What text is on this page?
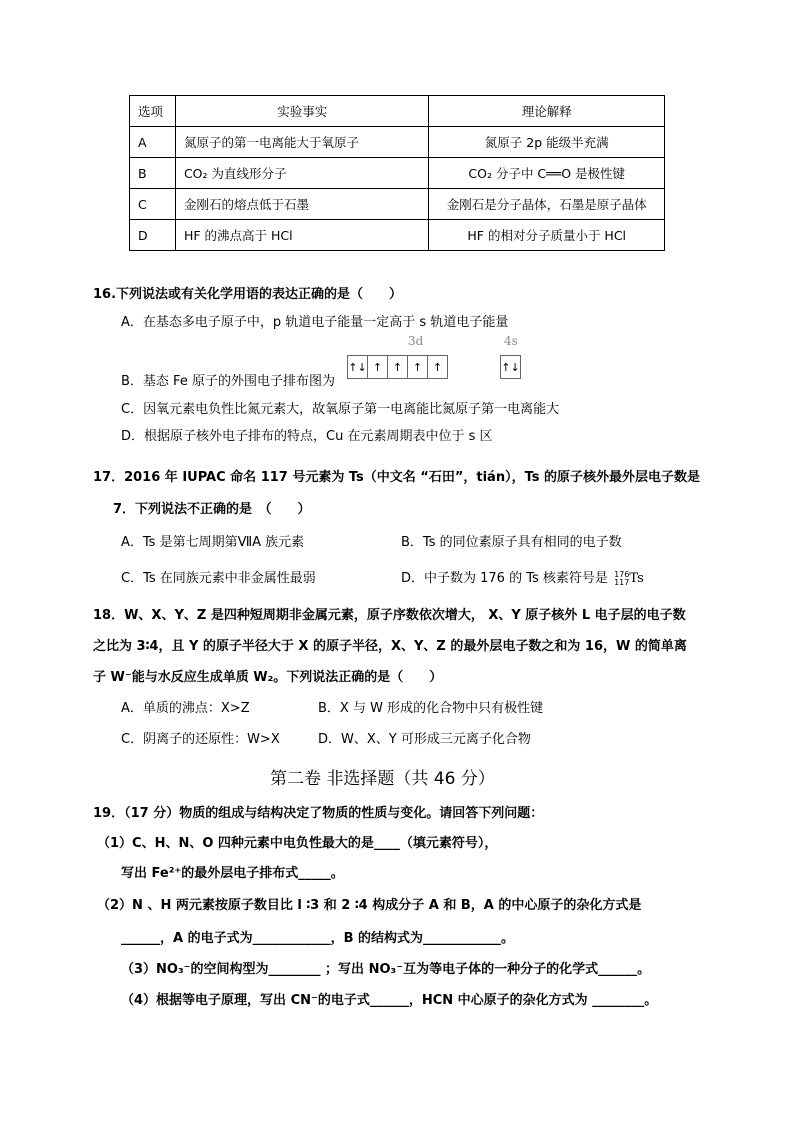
选项	实验事实	理论解释
A	氮原子的第一电离能大于氧原子	氮原子 2p 能级半充满
B	CO₂ 为直线形分子	CO₂ 分子中 C══O 是极性键
C	金刚石的熔点低于石墨	金刚石是分子晶体，石墨是原子晶体
D	HF 的沸点高于 HCl	HF 的相对分子质量小于 HCl
16.下列说法或有关化学用语的表达正确的是（　　）
A．在基态多电子原子中，p 轨道电子能量一定高于 s 轨道电子能量
3d	4s
B．基态 Fe 原子的外围电子排布图为
↑↓ ↑ ↑ ↑ ↑	↑↓
C．因氧元素电负性比氮元素大，故氧原子第一电离能比氮原子第一电离能大
D．根据原子核外电子排布的特点，Cu 在元素周期表中位于 s 区
17．2016 年 IUPAC 命名 117 号元素为 Ts（中文名 “石田”，tián），Ts 的原子核外最外层电子数是
7．下列说法不正确的是　（　　）
A．Ts 是第七周期第ⅦA 族元素	B．Ts 的同位素原子具有相同的电子数
C．Ts 在同族元素中非金属性最弱	D．中子数为 176 的 Ts 核素符号是 176
117Ts
18．W、X、Y、Z 是四种短周期非金属元素，原子序数依次增大， X、Y 原子核外 L 电子层的电子数
之比为 3∶4，且 Y 的原子半径大于 X 的原子半径，X、Y、Z 的最外层电子数之和为 16，W 的简单离
子 W⁻能与水反应生成单质 W₂。下列说法正确的是（　　）
A．单质的沸点：X>Z	B．X 与 W 形成的化合物中只有极性键
C．阴离子的还原性：W>X	D．W、X、Y 可形成三元离子化合物
第二卷 非选择题（共 46 分）
19．（17 分）物质的组成与结构决定了物质的性质与变化。请回答下列问题：
（1）C、H、N、O 四种元素中电负性最大的是____（填元素符号），
写出 Fe²⁺的最外层电子排布式_____。
（2）N 、H 两元素按原子数目比 l ∶3 和 2 ∶4 构成分子 A 和 B，A 的中心原子的杂化方式是
______，A 的电子式为____________，B 的结构式为____________。
（3）NO₃⁻的空间构型为________ ；写出 NO₃⁻互为等电子体的一种分子的化学式______。
（4）根据等电子原理，写出 CN⁻的电子式______，HCN 中心原子的杂化方式为 ________。
